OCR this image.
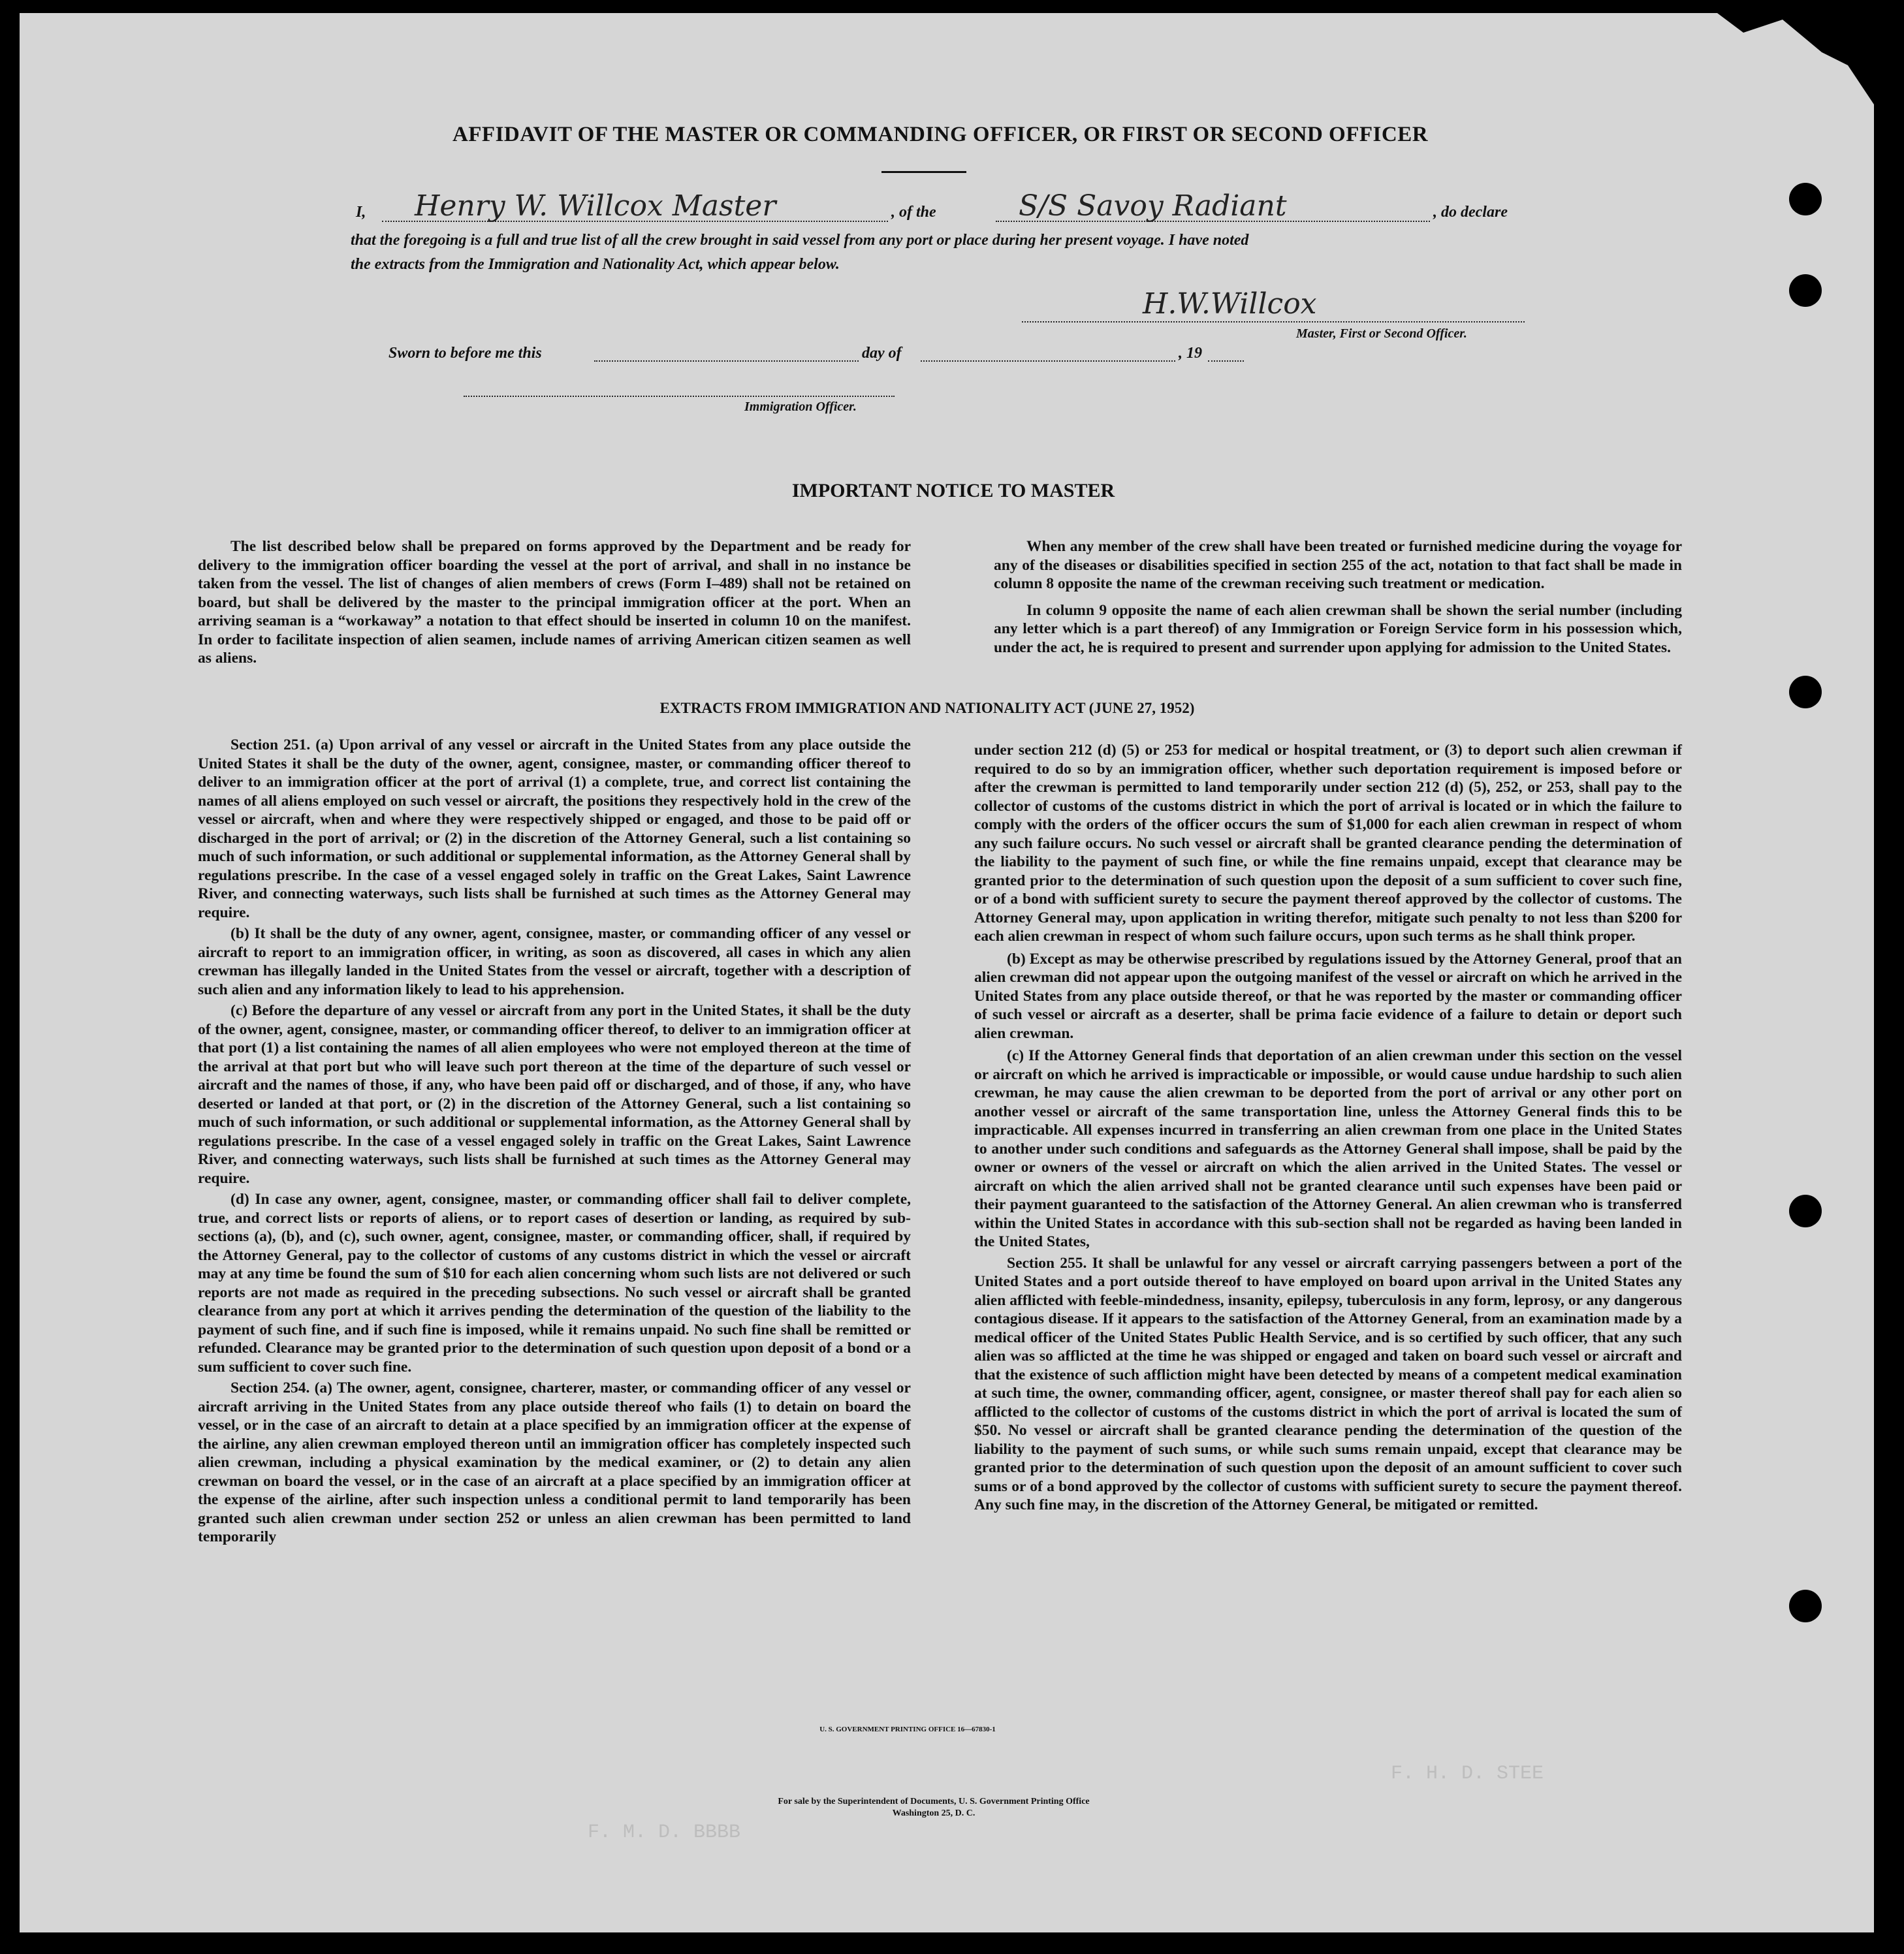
AFFIDAVIT OF THE MASTER OR COMMANDING OFFICER, OR FIRST OR SECOND OFFICER
I, Henry W. Willcox Master	, of the	S/S Savoy Radiant	, do declare
that the foregoing is a full and true list of all the crew brought in said vessel from any port or place during her present voyage. I have noted
the extracts from the Immigration and Nationality Act, which appear below.
H.W.Willcox
Master, First or Second Officer.
Sworn to before me this	day of	, 19
Immigration Officer.
IMPORTANT NOTICE TO MASTER

The list described below shall be prepared on forms approved by the Department and be ready for delivery to the immigration officer boarding the vessel at the port of arrival, and shall in no instance be taken from the vessel. The list of changes of alien members of crews (Form I–489) shall not be retained on board, but shall be delivered by the master to the principal immigration officer at the port. When an arriving seaman is a “workaway” a notation to that effect should be inserted in column 10 on the manifest. In order to facilitate inspection of alien seamen, include names of arriving American citizen seamen as well as aliens.

When any member of the crew shall have been treated or furnished medicine during the voyage for any of the diseases or disabilities specified in section 255 of the act, notation to that fact shall be made in column 8 opposite the name of the crewman receiving such treatment or medication.

In column 9 opposite the name of each alien crewman shall be shown the serial number (including any letter which is a part thereof) of any Immigration or Foreign Service form in his possession which, under the act, he is required to present and surrender upon applying for admission to the United States.

EXTRACTS FROM IMMIGRATION AND NATIONALITY ACT (JUNE 27, 1952)

Section 251. (a) Upon arrival of any vessel or aircraft in the United States from any place outside the United States it shall be the duty of the owner, agent, consignee, master, or commanding officer thereof to deliver to an immigration officer at the port of arrival (1) a complete, true, and correct list containing the names of all aliens employed on such vessel or aircraft, the positions they respectively hold in the crew of the vessel or aircraft, when and where they were respectively shipped or engaged, and those to be paid off or discharged in the port of arrival; or (2) in the discretion of the Attorney General, such a list containing so much of such information, or such additional or supplemental information, as the Attorney General shall by regulations prescribe. In the case of a vessel engaged solely in traffic on the Great Lakes, Saint Lawrence River, and connecting waterways, such lists shall be furnished at such times as the Attorney General may require.

(b) It shall be the duty of any owner, agent, consignee, master, or commanding officer of any vessel or aircraft to report to an immigration officer, in writing, as soon as discovered, all cases in which any alien crewman has illegally landed in the United States from the vessel or aircraft, together with a description of such alien and any information likely to lead to his apprehension.

(c) Before the departure of any vessel or aircraft from any port in the United States, it shall be the duty of the owner, agent, consignee, master, or commanding officer thereof, to deliver to an immigration officer at that port (1) a list containing the names of all alien employees who were not employed thereon at the time of the arrival at that port but who will leave such port thereon at the time of the departure of such vessel or aircraft and the names of those, if any, who have been paid off or discharged, and of those, if any, who have deserted or landed at that port, or (2) in the discretion of the Attorney General, such a list containing so much of such information, or such additional or supplemental information, as the Attorney General shall by regulations prescribe. In the case of a vessel engaged solely in traffic on the Great Lakes, Saint Lawrence River, and connecting waterways, such lists shall be furnished at such times as the Attorney General may require.

(d) In case any owner, agent, consignee, master, or commanding officer shall fail to deliver complete, true, and correct lists or reports of aliens, or to report cases of desertion or landing, as required by sub-sections (a), (b), and (c), such owner, agent, consignee, master, or commanding officer, shall, if required by the Attorney General, pay to the collector of customs of any customs district in which the vessel or aircraft may at any time be found the sum of $10 for each alien concerning whom such lists are not delivered or such reports are not made as required in the preceding subsections. No such vessel or aircraft shall be granted clearance from any port at which it arrives pending the determination of the question of the liability to the payment of such fine, and if such fine is imposed, while it remains unpaid. No such fine shall be remitted or refunded. Clearance may be granted prior to the determination of such question upon deposit of a bond or a sum sufficient to cover such fine.

Section 254. (a) The owner, agent, consignee, charterer, master, or commanding officer of any vessel or aircraft arriving in the United States from any place outside thereof who fails (1) to detain on board the vessel, or in the case of an aircraft to detain at a place specified by an immigration officer at the expense of the airline, any alien crewman employed thereon until an immigration officer has completely inspected such alien crewman, including a physical examination by the medical examiner, or (2) to detain any alien crewman on board the vessel, or in the case of an aircraft at a place specified by an immigration officer at the expense of the airline, after such inspection unless a conditional permit to land temporarily has been granted such alien crewman under section 252 or unless an alien crewman has been permitted to land temporarily

under section 212 (d) (5) or 253 for medical or hospital treatment, or (3) to deport such alien crewman if required to do so by an immigration officer, whether such deportation requirement is imposed before or after the crewman is permitted to land temporarily under section 212 (d) (5), 252, or 253, shall pay to the collector of customs of the customs district in which the port of arrival is located or in which the failure to comply with the orders of the officer occurs the sum of $1,000 for each alien crewman in respect of whom any such failure occurs. No such vessel or aircraft shall be granted clearance pending the determination of the liability to the payment of such fine, or while the fine remains unpaid, except that clearance may be granted prior to the determination of such question upon the deposit of a sum sufficient to cover such fine, or of a bond with sufficient surety to secure the payment thereof approved by the collector of customs. The Attorney General may, upon application in writing therefor, mitigate such penalty to not less than $200 for each alien crewman in respect of whom such failure occurs, upon such terms as he shall think proper.

(b) Except as may be otherwise prescribed by regulations issued by the Attorney General, proof that an alien crewman did not appear upon the outgoing manifest of the vessel or aircraft on which he arrived in the United States from any place outside thereof, or that he was reported by the master or commanding officer of such vessel or aircraft as a deserter, shall be prima facie evidence of a failure to detain or deport such alien crewman.

(c) If the Attorney General finds that deportation of an alien crewman under this section on the vessel or aircraft on which he arrived is impracticable or impossible, or would cause undue hardship to such alien crewman, he may cause the alien crewman to be deported from the port of arrival or any other port on another vessel or aircraft of the same transportation line, unless the Attorney General finds this to be impracticable. All expenses incurred in transferring an alien crewman from one place in the United States to another under such conditions and safeguards as the Attorney General shall impose, shall be paid by the owner or owners of the vessel or aircraft on which the alien arrived in the United States. The vessel or aircraft on which the alien arrived shall not be granted clearance until such expenses have been paid or their payment guaranteed to the satisfaction of the Attorney General. An alien crewman who is transferred within the United States in accordance with this sub-section shall not be regarded as having been landed in the United States,

Section 255. It shall be unlawful for any vessel or aircraft carrying passengers between a port of the United States and a port outside thereof to have employed on board upon arrival in the United States any alien afflicted with feeble-mindedness, insanity, epilepsy, tuberculosis in any form, leprosy, or any dangerous contagious disease. If it appears to the satisfaction of the Attorney General, from an examination made by a medical officer of the United States Public Health Service, and is so certified by such officer, that any such alien was so afflicted at the time he was shipped or engaged and taken on board such vessel or aircraft and that the existence of such affliction might have been detected by means of a competent medical examination at such time, the owner, commanding officer, agent, consignee, or master thereof shall pay for each alien so afflicted to the collector of customs of the customs district in which the port of arrival is located the sum of $50. No vessel or aircraft shall be granted clearance pending the determination of the question of the liability to the payment of such sums, or while such sums remain unpaid, except that clearance may be granted prior to the determination of such question upon the deposit of an amount sufficient to cover such sums or of a bond approved by the collector of customs with sufficient surety to secure the payment thereof. Any such fine may, in the discretion of the Attorney General, be mitigated or remitted.

F. H. D. STEE
F. M. D. BBBB
U. S. GOVERNMENT PRINTING OFFICE 16—67830-1
For sale by the Superintendent of Documents, U. S. Government Printing Office
Washington 25, D. C.
